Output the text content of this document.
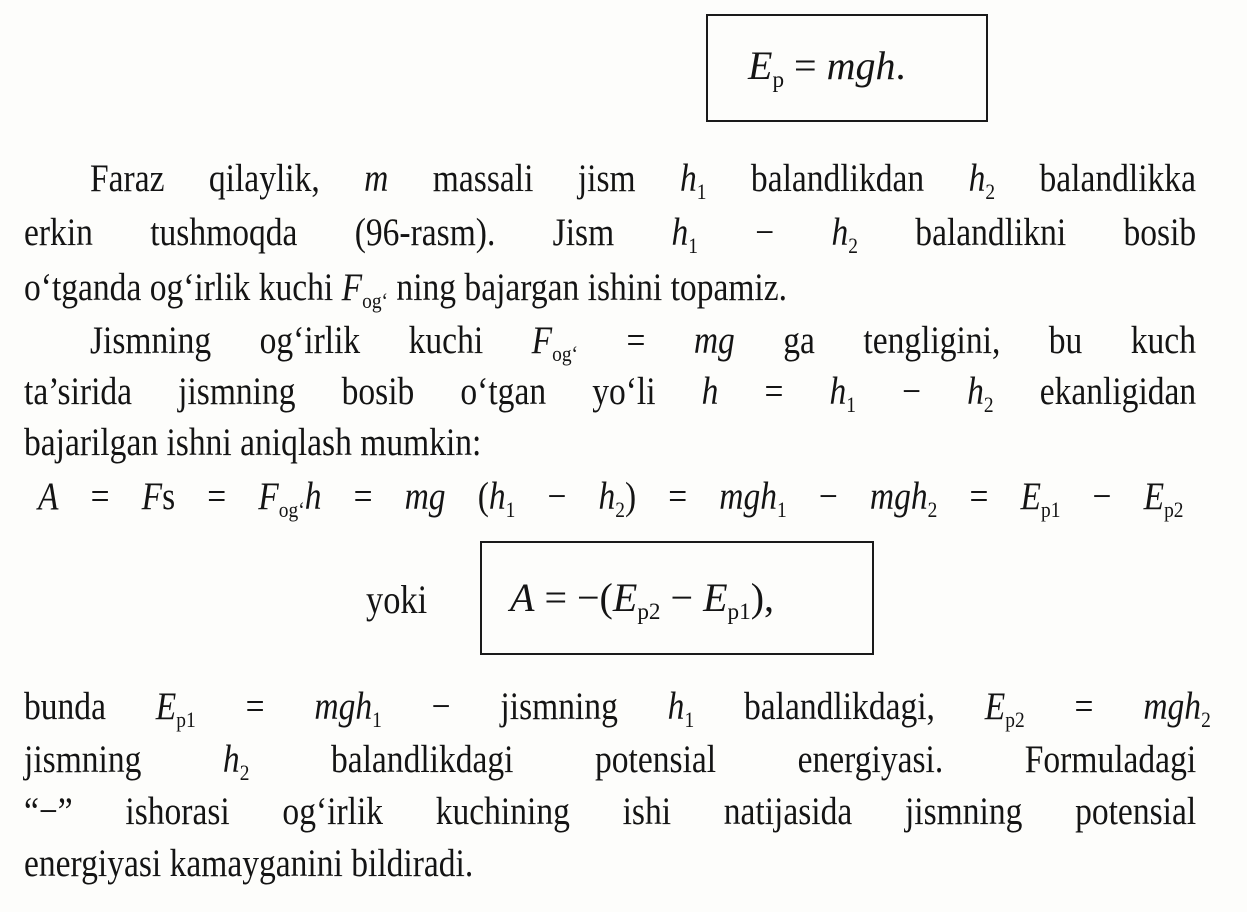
$E_p$ = mgh.
Faraz qilaylik, m massali jism $h_1$ balandlikdan $h_2$ balandlikka
erkin tushmoqda (96-rasm). Jism $h_1 - h_2$ balandlikni bosib
o‘tganda og‘irlik kuchi $F_{og‘}$ ning bajargan ishini topamiz.
Jismning og‘irlik kuchi $F_{og‘}$ = mg ga tengligini, bu kuch
ta’sirida jismning bosib o‘tgan yo‘li $h = h_1 - h_2$ ekanligidan
bajarilgan ishni aniqlash mumkin:
$A = Fs = F_{og‘}h$ = mg $(h_1 - h_2) = mgh_1 - mgh_2 = E_{p1} - E_{p2}$
yoki $A = -(E_{p2} - E_{p1})$,
bunda $E_{p1} = mgh_1$ − jismning $h_1$ balandlikdagi, $E_{p2} = mgh_2$
jismning $h_2$ balandlikdagi potensial energiyasi. Formuladagi
“−” ishorasi og‘irlik kuchining ishi natijasida jismning potensial
energiyasi kamayganini bildiradi.
